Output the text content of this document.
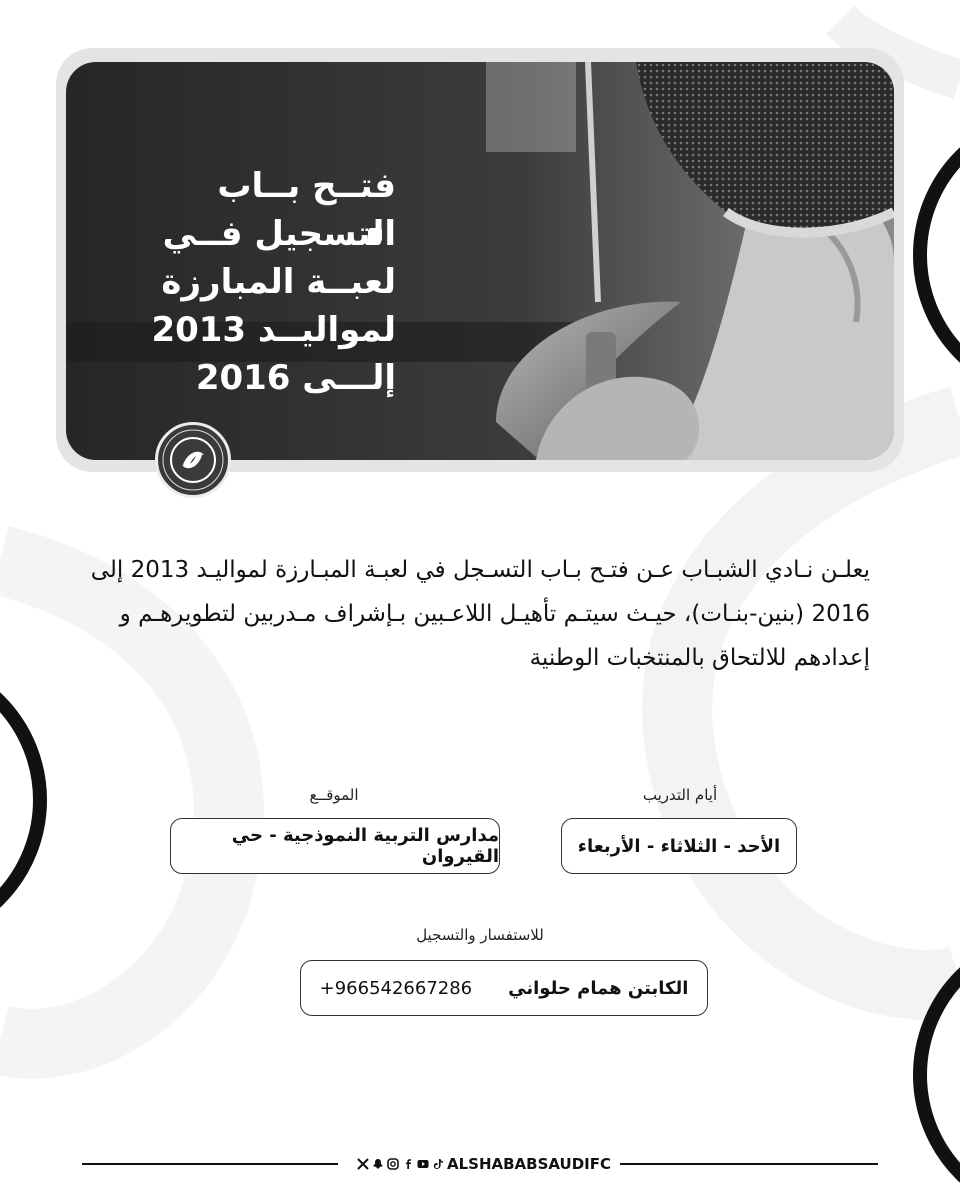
فتــح بــاب
التسجيل فــي
لعبــة المبارزة
لمواليــد 2013
إلـــى 2016

يعلـن نـادي الشبـاب عـن فتـح بـاب التسـجل في لعبـة المبـارزة لمواليـد 2013 إلى 2016 (بنين-بنـات)، حيـث سيتـم تأهيـل اللاعـبين بـإشراف مـدربين لتطويرهـم و إعدادهم للالتحاق بالمنتخبات الوطنية

أيام التدريب
الأحد - الثلاثاء - الأربعاء
الموقــع
مدارس التربية النموذجية - حي القيروان
للاستفسار والتسجيل
الكابتن همام حلواني
+966542667286
ALSHABABSAUDIFC
